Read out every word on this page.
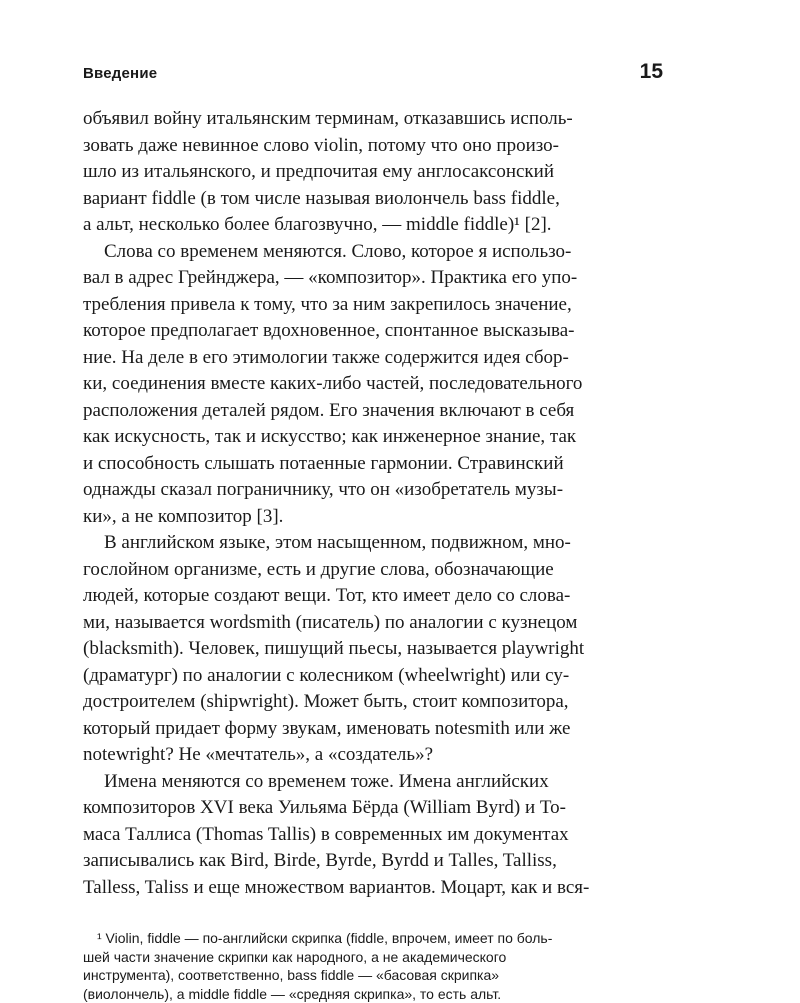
Введение	15

объявил войну итальянским терминам, отказавшись исполь-
зовать даже невинное слово violin, потому что оно произо-
шло из итальянского, и предпочитая ему англосаксонский
вариант fiddle (в том числе называя виолончель bass fiddle,
а альт, несколько более благозвучно, — middle fiddle)¹ [2].

Слова со временем меняются. Слово, которое я использо-
вал в адрес Грейнджера, — «композитор». Практика его упо-
требления привела к тому, что за ним закрепилось значение,
которое предполагает вдохновенное, спонтанное высказыва-
ние. На деле в его этимологии также содержится идея сбор-
ки, соединения вместе каких-либо частей, последовательного
расположения деталей рядом. Его значения включают в себя
как искусность, так и искусство; как инженерное знание, так
и способность слышать потаенные гармонии. Стравинский
однажды сказал пограничнику, что он «изобретатель музы-
ки», а не композитор [3].

В английском языке, этом насыщенном, подвижном, мно-
гослойном организме, есть и другие слова, обозначающие
людей, которые создают вещи. Тот, кто имеет дело со слова-
ми, называется wordsmith (писатель) по аналогии с кузнецом
(blacksmith). Человек, пишущий пьесы, называется playwright
(драматург) по аналогии с колесником (wheelwright) или су-
достроителем (shipwright). Может быть, стоит композитора,
который придает форму звукам, именовать notesmith или же
notewright? Не «мечтатель», а «создатель»?

Имена меняются со временем тоже. Имена английских
композиторов XVI века Уильяма Бёрда (William Byrd) и То-
маса Таллиса (Thomas Tallis) в современных им документах
записывались как Bird, Birde, Byrde, Byrdd и Talles, Talliss,
Talless, Taliss и еще множеством вариантов. Моцарт, как и вся-

¹ Violin, fiddle — по-английски скрипка (fiddle, впрочем, имеет по боль-
шей части значение скрипки как народного, а не академического
инструмента), соответственно, bass fiddle — «басовая скрипка»
(виолончель), а middle fiddle — «средняя скрипка», то есть альт.
